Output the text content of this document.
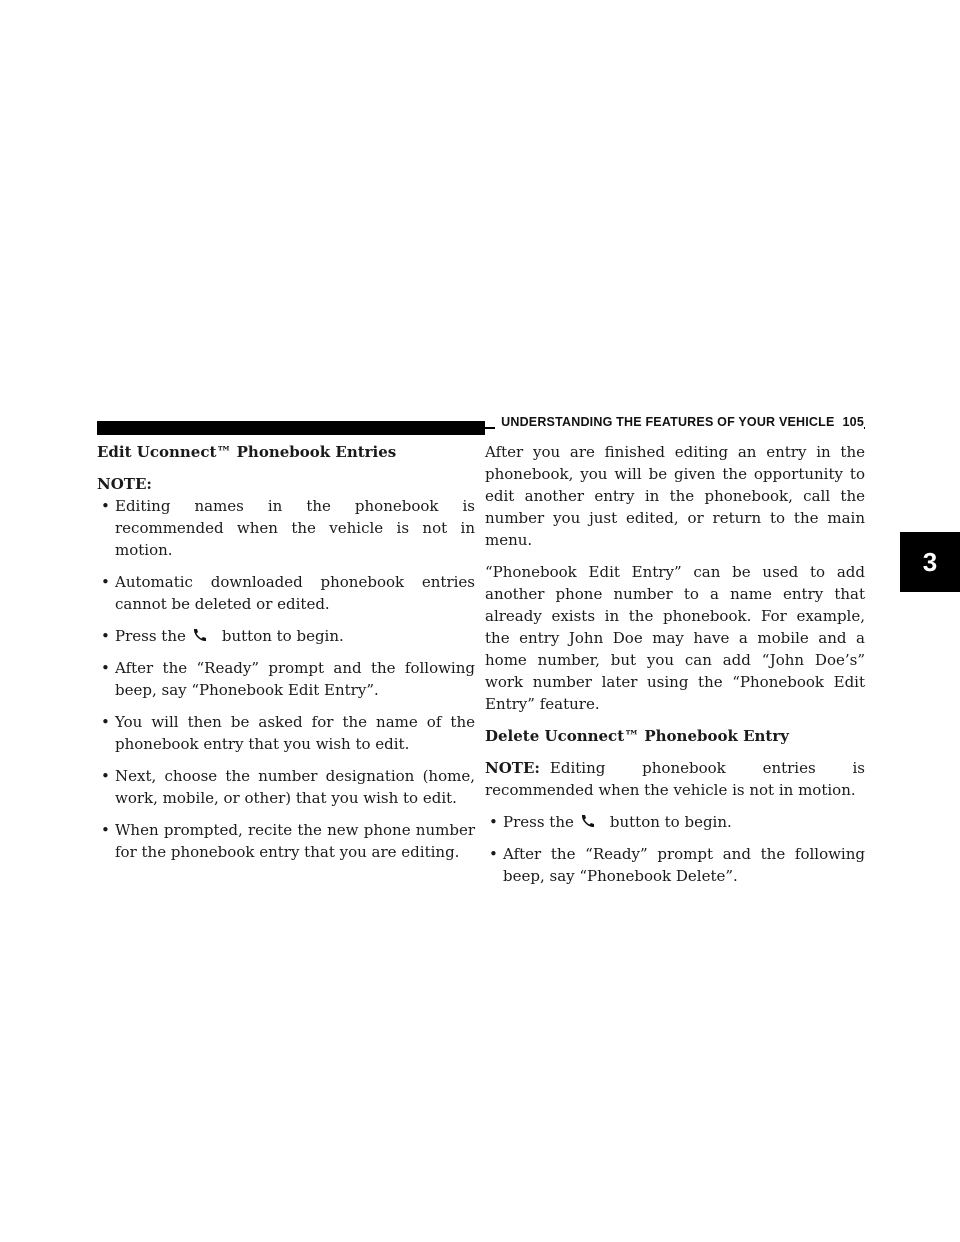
UNDERSTANDING THE FEATURES OF YOUR VEHICLE 105
3
Edit Uconnect™ Phonebook Entries
NOTE:
• Editing names in the phonebook is recommended when the vehicle is not in motion.
• Automatic downloaded phonebook entries cannot be deleted or edited.
• Press the button to begin.
• After the “Ready” prompt and the following beep, say “Phonebook Edit Entry”.
• You will then be asked for the name of the phonebook entry that you wish to edit.
• Next, choose the number designation (home, work, mobile, or other) that you wish to edit.
• When prompted, recite the new phone number for the phonebook entry that you are editing.

After you are finished editing an entry in the phonebook, you will be given the opportunity to edit another entry in the phonebook, call the number you just edited, or return to the main menu.

“Phonebook Edit Entry” can be used to add another phone number to a name entry that already exists in the phonebook. For example, the entry John Doe may have a mobile and a home number, but you can add “John Doe’s” work number later using the “Phonebook Edit Entry” feature.

Delete Uconnect™ Phonebook Entry

NOTE: Editing phonebook entries is recommended when the vehicle is not in motion.

• Press the button to begin.
• After the “Ready” prompt and the following beep, say “Phonebook Delete”.
